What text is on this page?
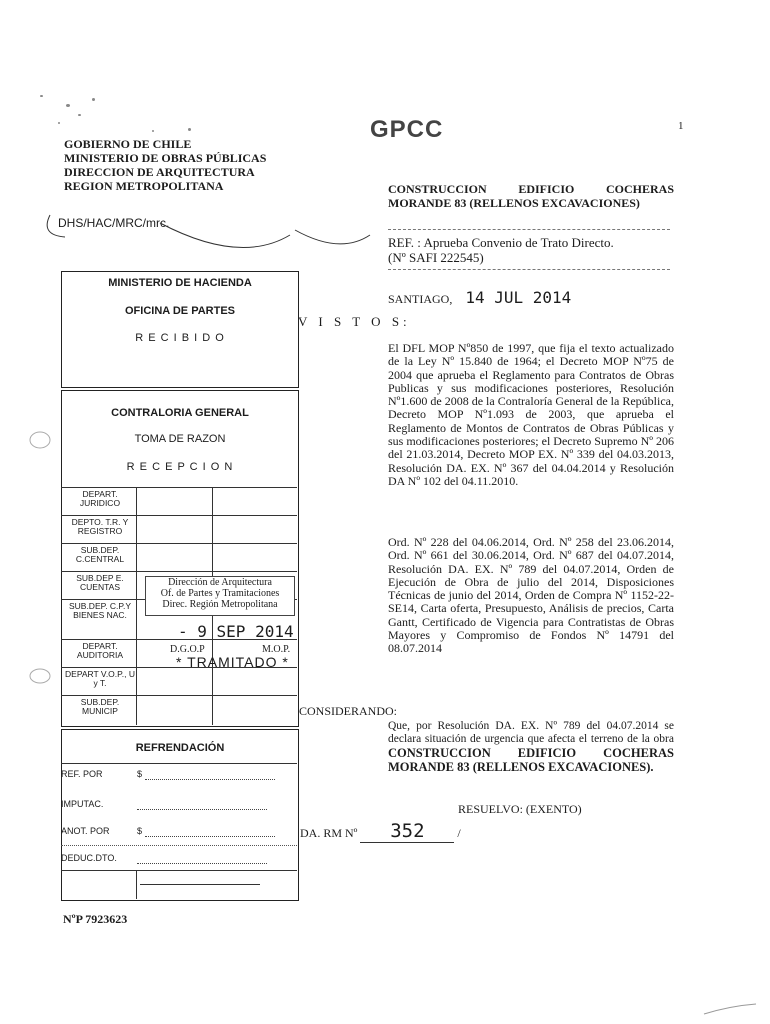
GOBIERNO DE CHILE
MINISTERIO DE OBRAS PÚBLICAS
DIRECCION DE ARQUITECTURA
REGION METROPOLITANA
GPCC	1
DHS/HAC/MRC/mrc.
CONSTRUCCION EDIFICIO COCHERAS MORANDE 83 (RELLENOS EXCAVACIONES)
REF. : Aprueba Convenio de Trato Directo.
(Nº SAFI 222545)
SANTIAGO, 14 JUL 2014
V I S T O S:
El DFL MOP Nº850 de 1997, que fija el texto actualizado de la Ley Nº 15.840 de 1964; el Decreto MOP Nº75 de 2004 que aprueba el Reglamento para Contratos de Obras Publicas y sus modificaciones posteriores, Resolución Nº1.600 de 2008 de la Contraloría General de la República, Decreto MOP Nº1.093 de 2003, que aprueba el Reglamento de Montos de Contratos de Obras Públicas y sus modificaciones posteriores; el Decreto Supremo Nº 206 del 21.03.2014, Decreto MOP EX. Nº 339 del 04.03.2013, Resolución DA. EX. Nº 367 del 04.04.2014 y Resolución DA Nº 102 del 04.11.2010.
Ord. Nº 228 del 04.06.2014, Ord. Nº 258 del 23.06.2014, Ord. Nº 661 del 30.06.2014, Ord. Nº 687 del 04.07.2014, Resolución DA. EX. Nº 789 del 04.07.2014, Orden de Ejecución de Obra de julio del 2014, Disposiciones Técnicas de junio del 2014, Orden de Compra Nº 1152-22-SE14, Carta oferta, Presupuesto, Análisis de precios, Carta Gantt, Certificado de Vigencia para Contratistas de Obras Mayores y Compromiso de Fondos Nº 14791 del 08.07.2014
CONSIDERANDO:
Que, por Resolución DA. EX. Nº 789 del 04.07.2014 se declara situación de urgencia que afecta el terreno de la obra CONSTRUCCION EDIFICIO COCHERAS MORANDE 83 (RELLENOS EXCAVACIONES).
RESUELVO: (EXENTO)
DA. RM Nº 352	/
MINISTERIO DE HACIENDA
OFICINA DE PARTES
R E C I B I D O
CONTRALORIA GENERAL
TOMA DE RAZON
R E C E P C I O N
DEPART. JURIDICO
DEPTO. T.R. Y REGISTRO
SUB.DEP. C.CENTRAL
SUB.DEP E. CUENTAS
SUB.DEP. C.P.Y BIENES NAC.
DEPART. AUDITORIA
DEPART V.O.P., U y T.
SUB.DEP. MUNICIP
Dirección de Arquitectura
Of. de Partes y Tramitaciones
Direc. Región Metropolitana
- 9 SEP 2014
D.G.O.P	M.O.P.
* TRAMITADO *
REFRENDACIÓN
REF. POR	$
IMPUTAC.
ANOT. POR	$
DEDUC.DTO.
NºP 7923623
